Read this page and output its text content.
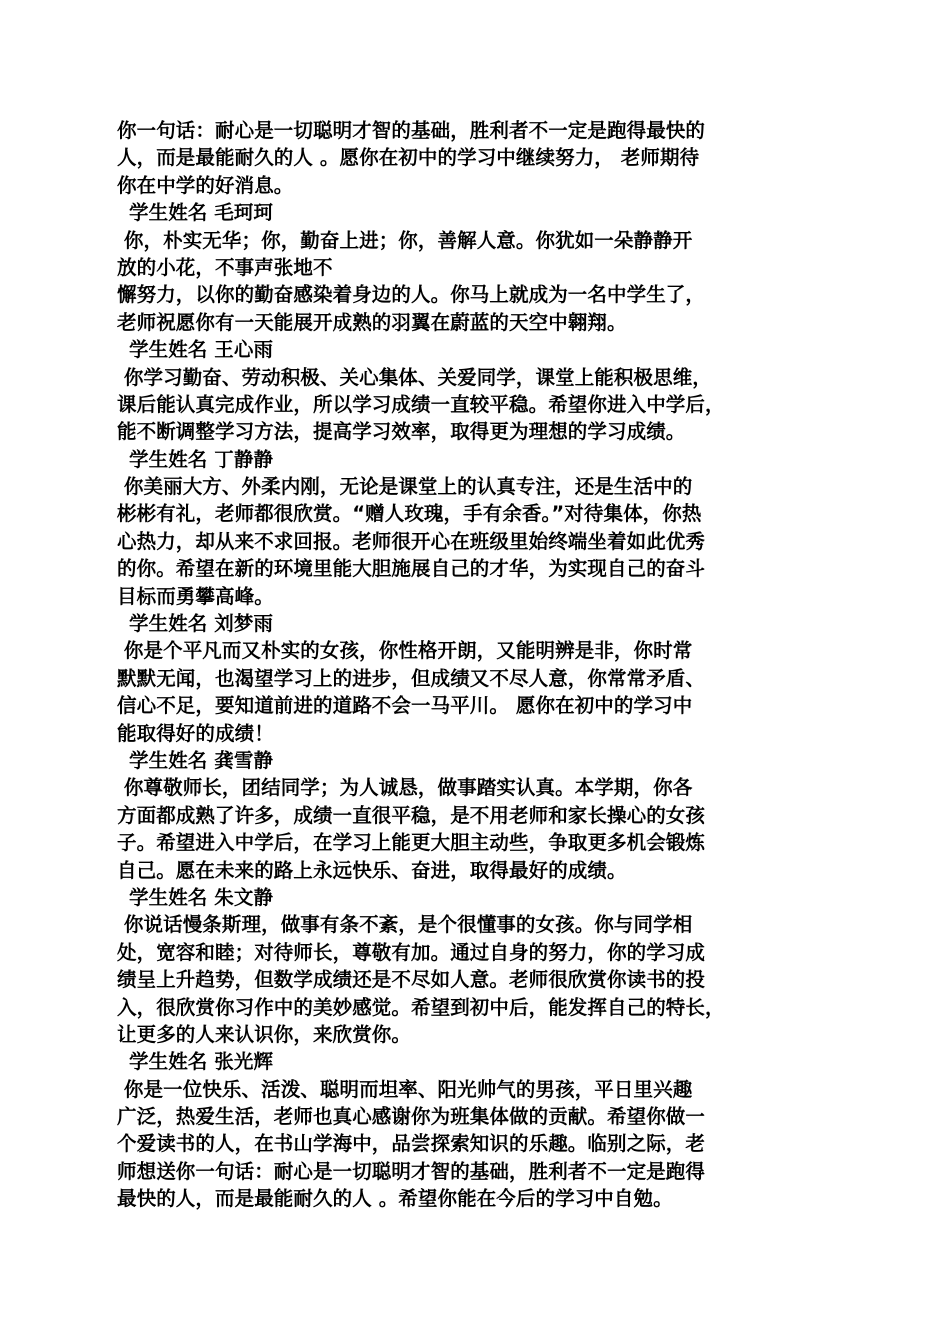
你一句话：耐心是一切聪明才智的基础，胜利者不一定是跑得最快的
人，而是最能耐久的人 。愿你在初中的学习中继续努力， 老师期待
你在中学的好消息。
学生姓名 毛珂珂
你，朴实无华；你，勤奋上进；你，善解人意。你犹如一朵静静开
放的小花，不事声张地不
懈努力，以你的勤奋感染着身边的人。你马上就成为一名中学生了，
老师祝愿你有一天能展开成熟的羽翼在蔚蓝的天空中翱翔。
学生姓名 王心雨
你学习勤奋、劳动积极、关心集体、关爱同学，课堂上能积极思维，
课后能认真完成作业，所以学习成绩一直较平稳。希望你进入中学后，
能不断调整学习方法，提高学习效率，取得更为理想的学习成绩。
学生姓名 丁静静
你美丽大方、外柔内刚，无论是课堂上的认真专注，还是生活中的
彬彬有礼，老师都很欣赏。“赠人玫瑰，手有余香。”对待集体，你热
心热力，却从来不求回报。老师很开心在班级里始终端坐着如此优秀
的你。希望在新的环境里能大胆施展自己的才华，为实现自己的奋斗
目标而勇攀高峰。
学生姓名 刘梦雨
你是个平凡而又朴实的女孩，你性格开朗，又能明辨是非，你时常
默默无闻，也渴望学习上的进步，但成绩又不尽人意，你常常矛盾、
信心不足，要知道前进的道路不会一马平川。 愿你在初中的学习中
能取得好的成绩！
学生姓名 龚雪静
你尊敬师长，团结同学；为人诚恳，做事踏实认真。本学期，你各
方面都成熟了许多，成绩一直很平稳，是不用老师和家长操心的女孩
子。希望进入中学后，在学习上能更大胆主动些，争取更多机会锻炼
自己。愿在未来的路上永远快乐、奋进，取得最好的成绩。
学生姓名 朱文静
你说话慢条斯理，做事有条不紊，是个很懂事的女孩。你与同学相
处，宽容和睦；对待师长，尊敬有加。通过自身的努力，你的学习成
绩呈上升趋势，但数学成绩还是不尽如人意。老师很欣赏你读书的投
入，很欣赏你习作中的美妙感觉。希望到初中后，能发挥自己的特长，
让更多的人来认识你，来欣赏你。
学生姓名 张光辉
你是一位快乐、活泼、聪明而坦率、阳光帅气的男孩，平日里兴趣
广泛，热爱生活，老师也真心感谢你为班集体做的贡献。希望你做一
个爱读书的人，在书山学海中，品尝探索知识的乐趣。临别之际，老
师想送你一句话：耐心是一切聪明才智的基础，胜利者不一定是跑得
最快的人，而是最能耐久的人 。希望你能在今后的学习中自勉。
